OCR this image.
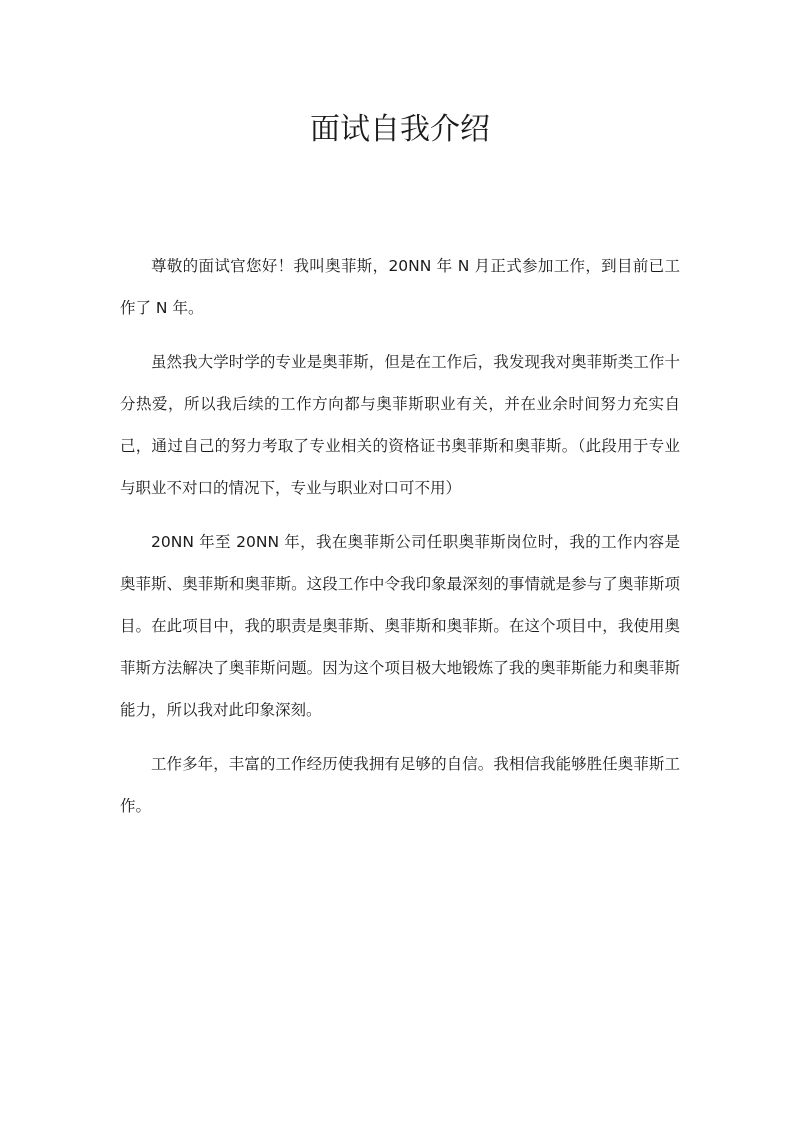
面试自我介绍

尊敬的面试官您好！我叫奥菲斯，20NN 年 N 月正式参加工作，到目前已工作了 N 年。

虽然我大学时学的专业是奥菲斯，但是在工作后，我发现我对奥菲斯类工作十分热爱，所以我后续的工作方向都与奥菲斯职业有关，并在业余时间努力充实自己，通过自己的努力考取了专业相关的资格证书奥菲斯和奥菲斯。（此段用于专业与职业不对口的情况下，专业与职业对口可不用）

20NN 年至 20NN 年，我在奥菲斯公司任职奥菲斯岗位时，我的工作内容是奥菲斯、奥菲斯和奥菲斯。这段工作中令我印象最深刻的事情就是参与了奥菲斯项目。在此项目中，我的职责是奥菲斯、奥菲斯和奥菲斯。在这个项目中，我使用奥菲斯方法解决了奥菲斯问题。因为这个项目极大地锻炼了我的奥菲斯能力和奥菲斯能力，所以我对此印象深刻。

工作多年，丰富的工作经历使我拥有足够的自信。我相信我能够胜任奥菲斯工作。
